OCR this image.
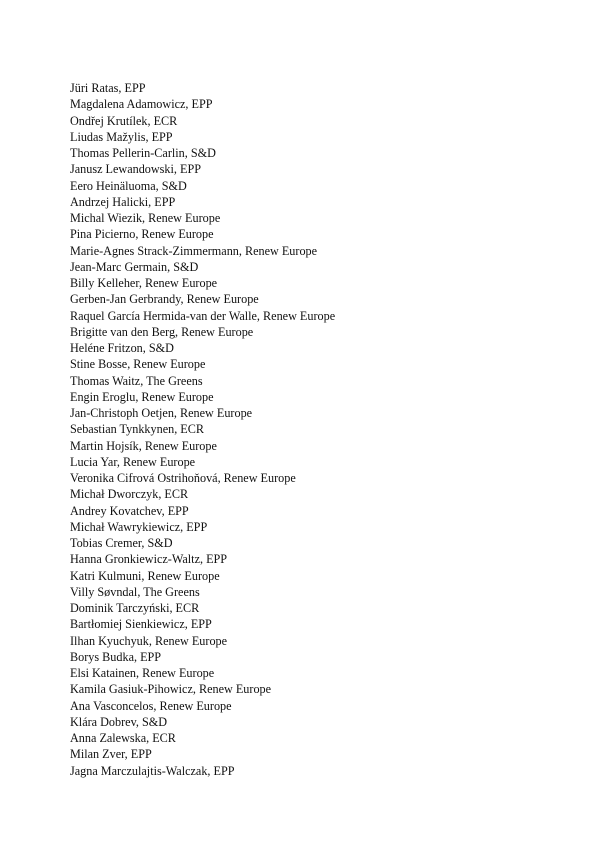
Jüri Ratas, EPP
Magdalena Adamowicz, EPP
Ondřej Krutílek, ECR
Liudas Mažylis, EPP
Thomas Pellerin-Carlin, S&D
Janusz Lewandowski, EPP
Eero Heinäluoma, S&D
Andrzej Halicki, EPP
Michal Wiezik, Renew Europe
Pina Picierno, Renew Europe
Marie-Agnes Strack-Zimmermann, Renew Europe
Jean-Marc Germain, S&D
Billy Kelleher, Renew Europe
Gerben-Jan Gerbrandy, Renew Europe
Raquel García Hermida-van der Walle, Renew Europe
Brigitte van den Berg, Renew Europe
Heléne Fritzon, S&D
Stine Bosse, Renew Europe
Thomas Waitz, The Greens
Engin Eroglu, Renew Europe
Jan-Christoph Oetjen, Renew Europe
Sebastian Tynkkynen, ECR
Martin Hojsík, Renew Europe
Lucia Yar, Renew Europe
Veronika Cifrová Ostrihoňová, Renew Europe
Michał Dworczyk, ECR
Andrey Kovatchev, EPP
Michał Wawrykiewicz, EPP
Tobias Cremer, S&D
Hanna Gronkiewicz-Waltz, EPP
Katri Kulmuni, Renew Europe
Villy Søvndal, The Greens
Dominik Tarczyński, ECR
Bartłomiej Sienkiewicz, EPP
Ilhan Kyuchyuk, Renew Europe
Borys Budka, EPP
Elsi Katainen, Renew Europe
Kamila Gasiuk-Pihowicz, Renew Europe
Ana Vasconcelos, Renew Europe
Klára Dobrev, S&D
Anna Zalewska, ECR
Milan Zver, EPP
Jagna Marczulajtis-Walczak, EPP
